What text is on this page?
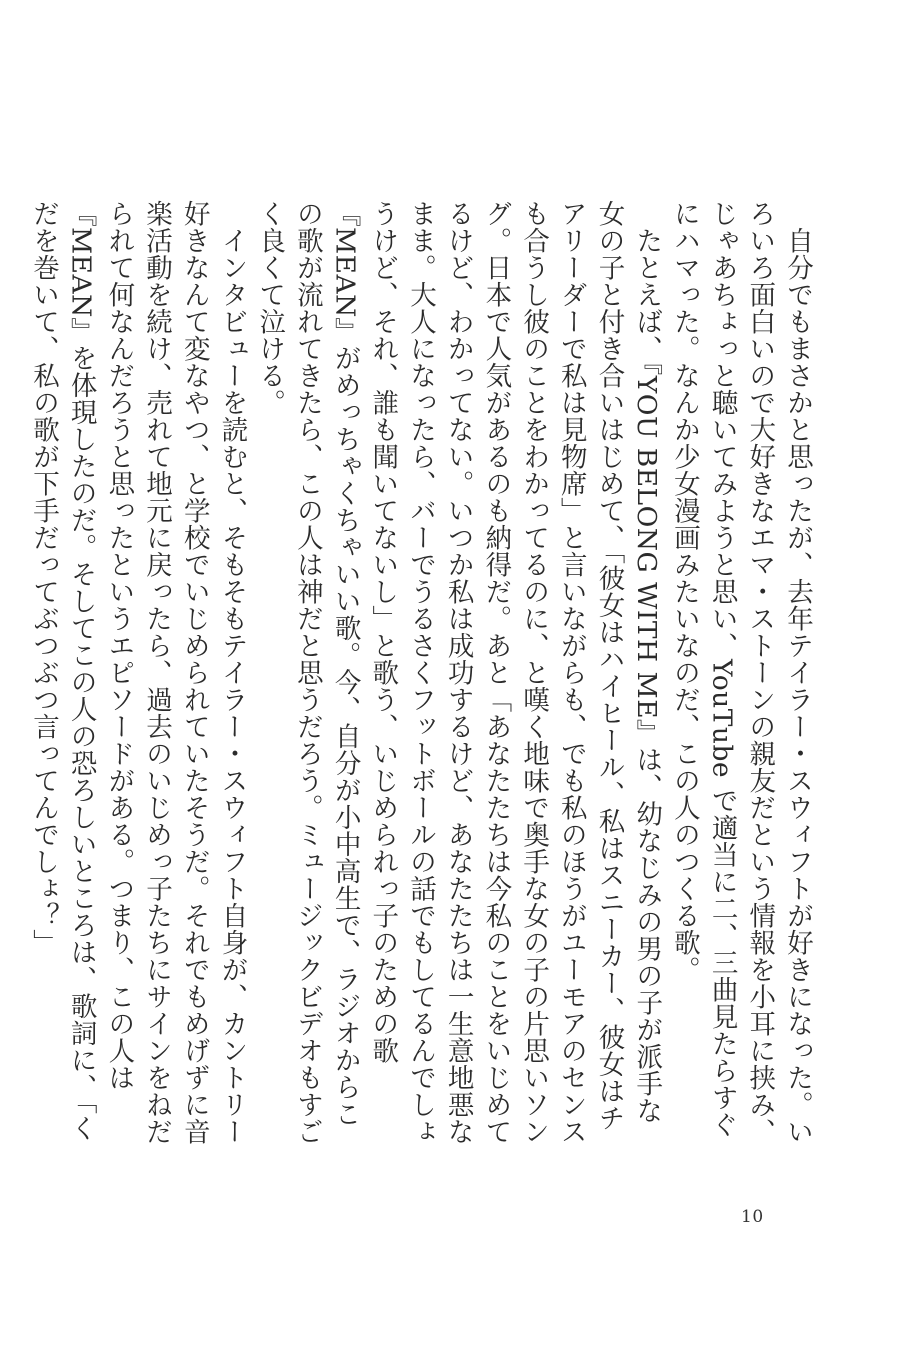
自分でもまさかと思ったが、去年テイラー・スウィフトが好きになった。いろいろ面白いので大好きなエマ・ストーンの親友だという情報を小耳に挟み、じゃあちょっと聴いてみようと思い、YouTube で適当に二、三曲見たらすぐにハマった。なんか少女漫画みたいなのだ、この人のつくる歌。

たとえば、『YOU BELONG WITH ME』は、幼なじみの男の子が派手な女の子と付き合いはじめて、「彼女はハイヒール、私はスニーカー、彼女はチアリーダーで私は見物席」と言いながらも、でも私のほうがユーモアのセンスも合うし彼のことをわかってるのに、と嘆く地味で奥手な女の子の片思いソング。日本で人気があるのも納得だ。あと「あなたたちは今私のことをいじめてるけど、わかってない。いつか私は成功するけど、あなたたちは一生意地悪なまま。大人になったら、バーでうるさくフットボールの話でもしてるんでしょうけど、それ、誰も聞いてないし」と歌う、いじめられっ子のための歌『MEAN』がめっちゃくちゃいい歌。今、自分が小中高生で、ラジオからこの歌が流れてきたら、この人は神だと思うだろう。ミュージックビデオもすごく良くて泣ける。

インタビューを読むと、そもそもテイラー・スウィフト自身が、カントリー好きなんて変なやつ、と学校でいじめられていたそうだ。それでもめげずに音楽活動を続け、売れて地元に戻ったら、過去のいじめっ子たちにサインをねだられて何なんだろうと思ったというエピソードがある。つまり、この人は『MEAN』を体現したのだ。そしてこの人の恐ろしいところは、歌詞に、「くだを巻いて、私の歌が下手だってぶつぶつ言ってんでしょ？」

10
